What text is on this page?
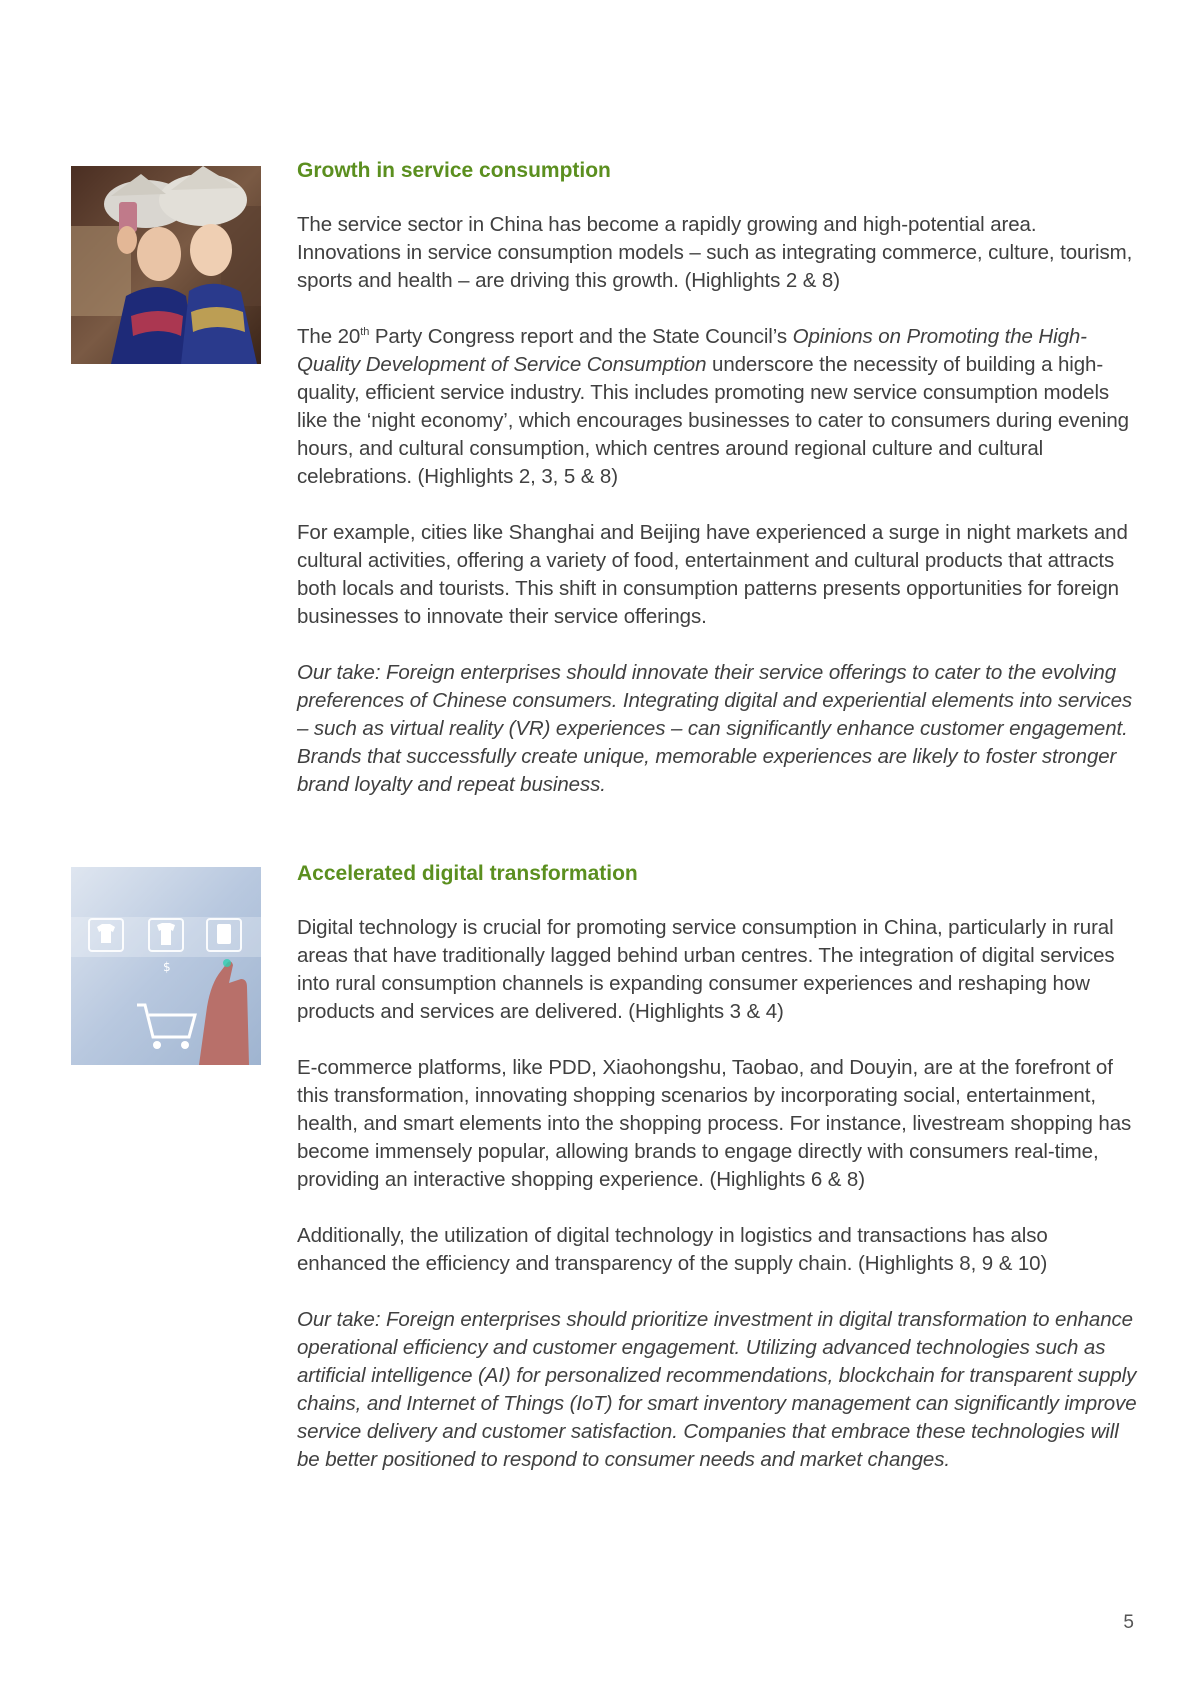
Growth in service consumption

The service sector in China has become a rapidly growing and high-potential area. Innovations in service consumption models – such as integrating commerce, culture, tourism, sports and health – are driving this growth. (Highlights 2 & 8)

The 20th Party Congress report and the State Council’s Opinions on Promoting the High-Quality Development of Service Consumption underscore the necessity of building a high-quality, efficient service industry. This includes promoting new service consumption models like the ‘night economy’, which encourages businesses to cater to consumers during evening hours, and cultural consumption, which centres around regional culture and cultural celebrations. (Highlights 2, 3, 5 & 8)

For example, cities like Shanghai and Beijing have experienced a surge in night markets and cultural activities, offering a variety of food, entertainment and cultural products that attracts both locals and tourists. This shift in consumption patterns presents opportunities for foreign businesses to innovate their service offerings.

Our take: Foreign enterprises should innovate their service offerings to cater to the evolving preferences of Chinese consumers. Integrating digital and experiential elements into services – such as virtual reality (VR) experiences – can significantly enhance customer engagement. Brands that successfully create unique, memorable experiences are likely to foster stronger brand loyalty and repeat business.

$
Accelerated digital transformation

Digital technology is crucial for promoting service consumption in China, particularly in rural areas that have traditionally lagged behind urban centres. The integration of digital services into rural consumption channels is expanding consumer experiences and reshaping how products and services are delivered. (Highlights 3 & 4)

E-commerce platforms, like PDD, Xiaohongshu, Taobao, and Douyin, are at the forefront of this transformation, innovating shopping scenarios by incorporating social, entertainment, health, and smart elements into the shopping process. For instance, livestream shopping has become immensely popular, allowing brands to engage directly with consumers real-time, providing an interactive shopping experience. (Highlights 6 & 8)

Additionally, the utilization of digital technology in logistics and transactions has also enhanced the efficiency and transparency of the supply chain. (Highlights 8, 9 & 10)

Our take: Foreign enterprises should prioritize investment in digital transformation to enhance operational efficiency and customer engagement. Utilizing advanced technologies such as artificial intelligence (AI) for personalized recommendations, blockchain for transparent supply chains, and Internet of Things (IoT) for smart inventory management can significantly improve service delivery and customer satisfaction. Companies that embrace these technologies will be better positioned to respond to consumer needs and market changes.

5
